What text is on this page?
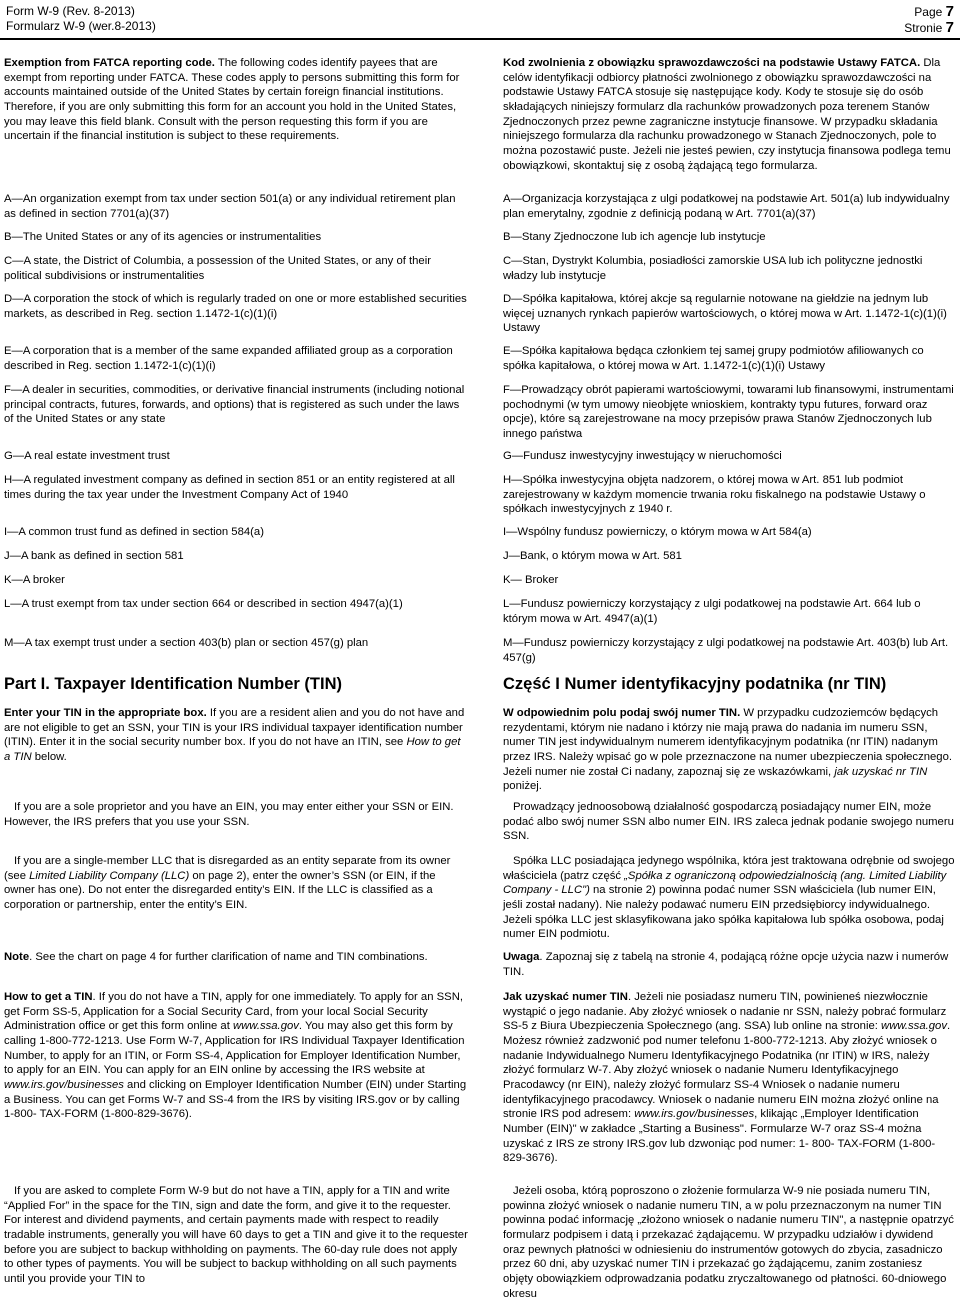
Form W-9 (Rev. 8-2013)
Formularz W-9 (wer.8-2013)
Page 7
Stronie 7

Exemption from FATCA reporting code. The following codes identify payees that are exempt from reporting under FATCA. These codes apply to persons submitting this form for accounts maintained outside of the United States by certain foreign financial institutions. Therefore, if you are only submitting this form for an account you hold in the United States, you may leave this field blank. Consult with the person requesting this form if you are uncertain if the financial institution is subject to these requirements.

A—An organization exempt from tax under section 501(a) or any individual retirement plan as defined in section 7701(a)(37)

B—The United States or any of its agencies or instrumentalities

C—A state, the District of Columbia, a possession of the United States, or any of their political subdivisions or instrumentalities

D—A corporation the stock of which is regularly traded on one or more established securities markets, as described in Reg. section 1.1472-1(c)(1)(i)

E—A corporation that is a member of the same expanded affiliated group as a corporation described in Reg. section 1.1472-1(c)(1)(i)

F—A dealer in securities, commodities, or derivative financial instruments (including notional principal contracts, futures, forwards, and options) that is registered as such under the laws of the United States or any state

G—A real estate investment trust

H—A regulated investment company as defined in section 851 or an entity registered at all times during the tax year under the Investment Company Act of 1940

I—A common trust fund as defined in section 584(a)

J—A bank as defined in section 581

K—A broker

L—A trust exempt from tax under section 664 or described in section 4947(a)(1)

M—A tax exempt trust under a section 403(b) plan or section 457(g) plan

Part I. Taxpayer Identification Number (TIN)

Enter your TIN in the appropriate box. If you are a resident alien and you do not have and are not eligible to get an SSN, your TIN is your IRS individual taxpayer identification number (ITIN). Enter it in the social security number box. If you do not have an ITIN, see How to get a TIN below.

If you are a sole proprietor and you have an EIN, you may enter either your SSN or EIN. However, the IRS prefers that you use your SSN.

If you are a single-member LLC that is disregarded as an entity separate from its owner (see Limited Liability Company (LLC) on page 2), enter the owner’s SSN (or EIN, if the owner has one). Do not enter the disregarded entity’s EIN. If the LLC is classified as a corporation or partnership, enter the entity’s EIN.

Note. See the chart on page 4 for further clarification of name and TIN combinations.

How to get a TIN. If you do not have a TIN, apply for one immediately. To apply for an SSN, get Form SS-5, Application for a Social Security Card, from your local Social Security Administration office or get this form online at www.ssa.gov. You may also get this form by calling 1-800-772-1213. Use Form W-7, Application for IRS Individual Taxpayer Identification Number, to apply for an ITIN, or Form SS-4, Application for Employer Identification Number, to apply for an EIN. You can apply for an EIN online by accessing the IRS website at www.irs.gov/businesses and clicking on Employer Identification Number (EIN) under Starting a Business. You can get Forms W-7 and SS-4 from the IRS by visiting IRS.gov or by calling 1-800- TAX-FORM (1-800-829-3676).

If you are asked to complete Form W-9 but do not have a TIN, apply for a TIN and write “Applied For” in the space for the TIN, sign and date the form, and give it to the requester. For interest and dividend payments, and certain payments made with respect to readily tradable instruments, generally you will have 60 days to get a TIN and give it to the requester before you are subject to backup withholding on payments. The 60-day rule does not apply to other types of payments. You will be subject to backup withholding on all such payments until you provide your TIN to

Kod zwolnienia z obowiązku sprawozdawczości na podstawie Ustawy FATCA. Dla celów identyfikacji odbiorcy płatności zwolnionego z obowiązku sprawozdawczości na podstawie Ustawy FATCA stosuje się następujące kody. Kody te stosuje się do osób składających niniejszy formularz dla rachunków prowadzonych poza terenem Stanów Zjednoczonych przez pewne zagraniczne instytucje finansowe. W przypadku składania niniejszego formularza dla rachunku prowadzonego w Stanach Zjednoczonych, pole to można pozostawić puste. Jeżeli nie jesteś pewien, czy instytucja finansowa podlega temu obowiązkowi, skontaktuj się z osobą żądającą tego formularza.

A—Organizacja korzystająca z ulgi podatkowej na podstawie Art. 501(a) lub indywidualny plan emerytalny, zgodnie z definicją podaną w Art. 7701(a)(37)

B—Stany Zjednoczone lub ich agencje lub instytucje

C—Stan, Dystrykt Kolumbia, posiadłości zamorskie USA lub ich polityczne jednostki władzy lub instytucje

D—Spółka kapitałowa, której akcje są regularnie notowane na giełdzie na jednym lub więcej uznanych rynkach papierów wartościowych, o której mowa w Art. 1.1472-1(c)(1)(i) Ustawy

E—Spółka kapitałowa będąca członkiem tej samej grupy podmiotów afiliowanych co spółka kapitałowa, o której mowa w Art. 1.1472-1(c)(1)(i) Ustawy

F—Prowadzący obrót papierami wartościowymi, towarami lub finansowymi, instrumentami pochodnymi (w tym umowy nieobjęte wnioskiem, kontrakty typu futures, forward oraz opcje), które są zarejestrowane na mocy przepisów prawa Stanów Zjednoczonych lub innego państwa

G—Fundusz inwestycyjny inwestujący w nieruchomości

H—Spółka inwestycyjna objęta nadzorem, o której mowa w Art. 851 lub podmiot zarejestrowany w każdym momencie trwania roku fiskalnego na podstawie Ustawy o spółkach inwestycyjnych z 1940 r.

I—Wspólny fundusz powierniczy, o którym mowa w Art 584(a)

J—Bank, o którym mowa w Art. 581

K— Broker

L—Fundusz powierniczy korzystający z ulgi podatkowej na podstawie Art. 664 lub o którym mowa w Art. 4947(a)(1)

M—Fundusz powierniczy korzystający z ulgi podatkowej na podstawie Art. 403(b) lub Art. 457(g)

Część I Numer identyfikacyjny podatnika (nr TIN)

W odpowiednim polu podaj swój numer TIN. W przypadku cudzoziemców będących rezydentami, którym nie nadano i którzy nie mają prawa do nadania im numeru SSN, numer TIN jest indywidualnym numerem identyfikacyjnym podatnika (nr ITIN) nadanym przez IRS. Należy wpisać go w pole przeznaczone na numer ubezpieczenia społecznego. Jeżeli numer nie został Ci nadany, zapoznaj się ze wskazówkami, jak uzyskać nr TIN poniżej.

Prowadzący jednoosobową działalność gospodarczą posiadający numer EIN, może podać albo swój numer SSN albo numer EIN. IRS zaleca jednak podanie swojego numeru SSN.

Spółka LLC posiadająca jedynego wspólnika, która jest traktowana odrębnie od swojego właściciela (patrz część „Spółka z ograniczoną odpowiedzialnością (ang. Limited Liability Company - LLC") na stronie 2) powinna podać numer SSN właściciela (lub numer EIN, jeśli został nadany). Nie należy podawać numeru EIN przedsiębiorcy indywidualnego. Jeżeli spółka LLC jest sklasyfikowana jako spółka kapitałowa lub spółka osobowa, podaj numer EIN podmiotu.

Uwaga. Zapoznaj się z tabelą na stronie 4, podającą różne opcje użycia nazw i numerów TIN.

Jak uzyskać numer TIN. Jeżeli nie posiadasz numeru TIN, powinieneś niezwłocznie wystąpić o jego nadanie. Aby złożyć wniosek o nadanie nr SSN, należy pobrać formularz SS-5 z Biura Ubezpieczenia Społecznego (ang. SSA) lub online na stronie: www.ssa.gov. Możesz również zadzwonić pod numer telefonu 1-800-772-1213. Aby złożyć wniosek o nadanie Indywidualnego Numeru Identyfikacyjnego Podatnika (nr ITIN) w IRS, należy złożyć formularz W-7. Aby złożyć wniosek o nadanie Numeru Identyfikacyjnego Pracodawcy (nr EIN), należy złożyć formularz SS-4 Wniosek o nadanie numeru identyfikacyjnego pracodawcy. Wniosek o nadanie numeru EIN można złożyć online na stronie IRS pod adresem: www.irs.gov/businesses, klikając „Employer Identification Number (EIN)" w zakładce „Starting a Business". Formularze W-7 oraz SS-4 można uzyskać z IRS ze strony IRS.gov lub dzwoniąc pod numer: 1- 800- TAX-FORM (1-800-829-3676).

Jeżeli osoba, którą poproszono o złożenie formularza W-9 nie posiada numeru TIN, powinna złożyć wniosek o nadanie numeru TIN, a w polu przeznaczonym na numer TIN powinna podać informację „złożono wniosek o nadanie numeru TIN", a następnie opatrzyć formularz podpisem i datą i przekazać żądającemu. W przypadku udziałów i dywidend oraz pewnych płatności w odniesieniu do instrumentów gotowych do zbycia, zasadniczo przez 60 dni, aby uzyskać numer TIN i przekazać go żądającemu, zanim zostaniesz objęty obowiązkiem odprowadzania podatku zryczaltowanego od płatności. 60-dniowego okresu
